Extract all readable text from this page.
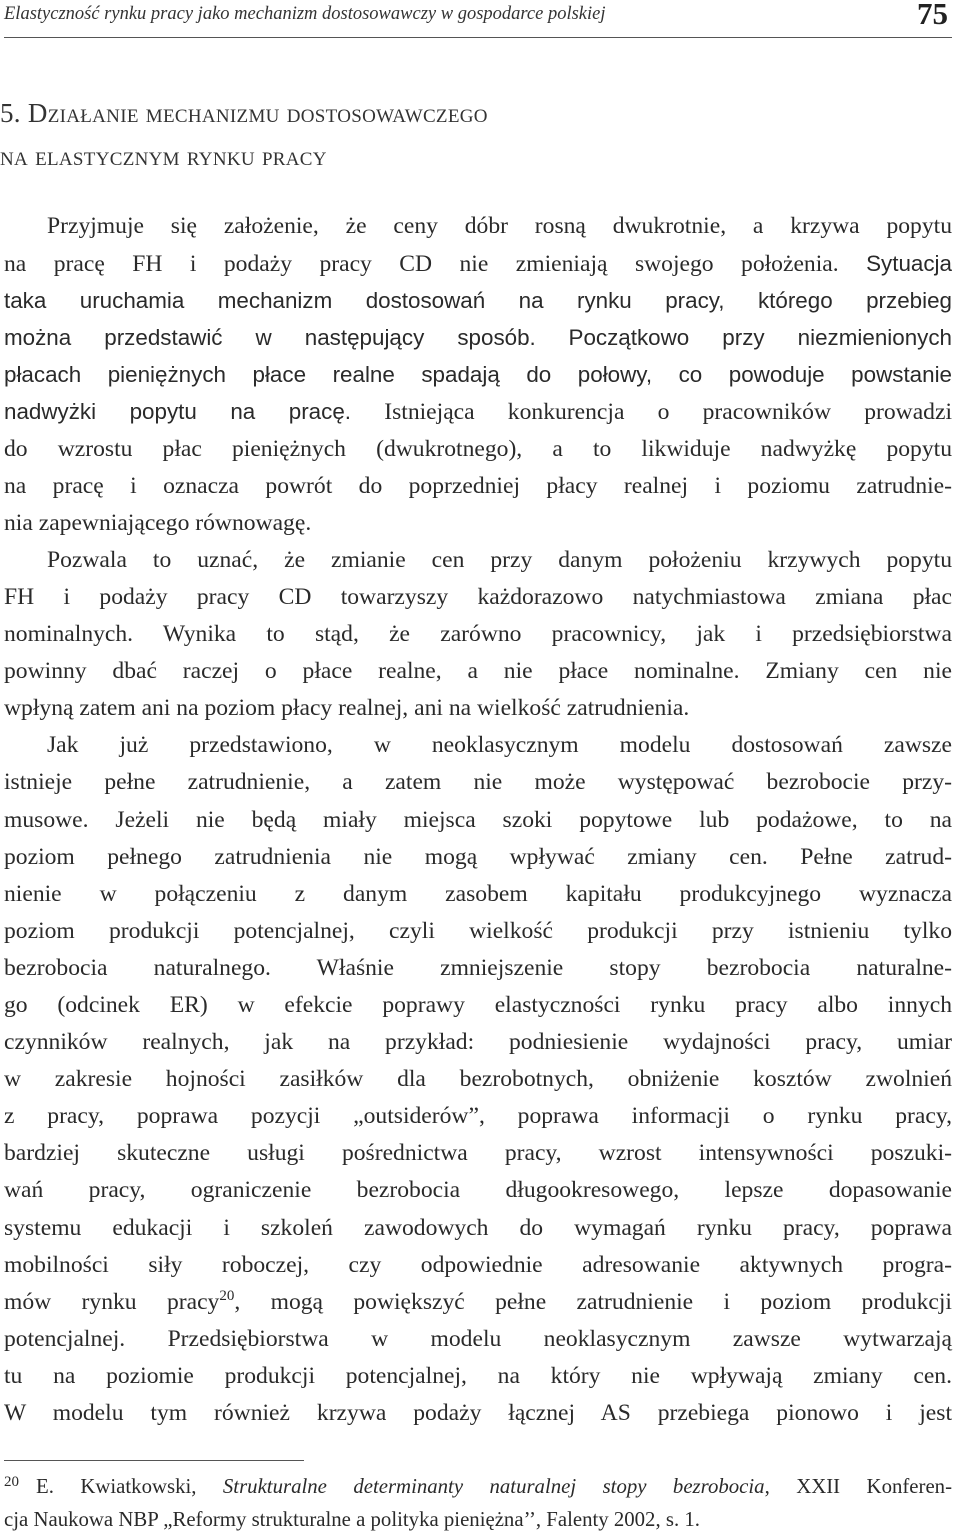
Elastyczność rynku pracy jako mechanizm dostosowawczy w gospodarce polskiej	75
5. Działanie mechanizmu dostosowawczego
na elastycznym rynku pracy
Przyjmuje się założenie, że ceny dóbr rosną dwukrotnie, a krzywa popytu
na pracę FH i podaży pracy CD nie zmieniają swojego położenia. Sytuacja
taka uruchamia mechanizm dostosowań na rynku pracy, którego przebieg
można przedstawić w następujący sposób. Początkowo przy niezmienionych
płacach pieniężnych płace realne spadają do połowy, co powoduje powstanie
nadwyżki popytu na pracę. Istniejąca konkurencja o pracowników prowadzi
do wzrostu płac pieniężnych (dwukrotnego), a to likwiduje nadwyżkę popytu
na pracę i oznacza powrót do poprzedniej płacy realnej i poziomu zatrudnie-
nia zapewniającego równowagę.
Pozwala to uznać, że zmianie cen przy danym położeniu krzywych popytu
FH i podaży pracy CD towarzyszy każdorazowo natychmiastowa zmiana płac
nominalnych. Wynika to stąd, że zarówno pracownicy, jak i przedsiębiorstwa
powinny dbać raczej o płace realne, a nie płace nominalne. Zmiany cen nie
wpłyną zatem ani na poziom płacy realnej, ani na wielkość zatrudnienia.
Jak już przedstawiono, w neoklasycznym modelu dostosowań zawsze
istnieje pełne zatrudnienie, a zatem nie może występować bezrobocie przy-
musowe. Jeżeli nie będą miały miejsca szoki popytowe lub podażowe, to na
poziom pełnego zatrudnienia nie mogą wpływać zmiany cen. Pełne zatrud-
nienie w połączeniu z danym zasobem kapitału produkcyjnego wyznacza
poziom produkcji potencjalnej, czyli wielkość produkcji przy istnieniu tylko
bezrobocia naturalnego. Właśnie zmniejszenie stopy bezrobocia naturalne-
go (odcinek ER) w efekcie poprawy elastyczności rynku pracy albo innych
czynników realnych, jak na przykład: podniesienie wydajności pracy, umiar
w zakresie hojności zasiłków dla bezrobotnych, obniżenie kosztów zwolnień
z pracy, poprawa pozycji „outsiderów”, poprawa informacji o rynku pracy,
bardziej skuteczne usługi pośrednictwa pracy, wzrost intensywności poszuki-
wań pracy, ograniczenie bezrobocia długookresowego, lepsze dopasowanie
systemu edukacji i szkoleń zawodowych do wymagań rynku pracy, poprawa
mobilności siły roboczej, czy odpowiednie adresowanie aktywnych progra-
mów rynku pracy$^{20}$, mogą powiększyć pełne zatrudnienie i poziom produkcji
potencjalnej. Przedsiębiorstwa w modelu neoklasycznym zawsze wytwarzają
tu na poziomie produkcji potencjalnej, na który nie wpływają zmiany cen.
W modelu tym również krzywa podaży łącznej AS przebiega pionowo i jest
20 E. Kwiatkowski, Strukturalne determinanty naturalnej stopy bezrobocia, XXII Konferen-
cja Naukowa NBP „Reformy strukturalne a polityka pieniężna’’, Falenty 2002, s. 1.
